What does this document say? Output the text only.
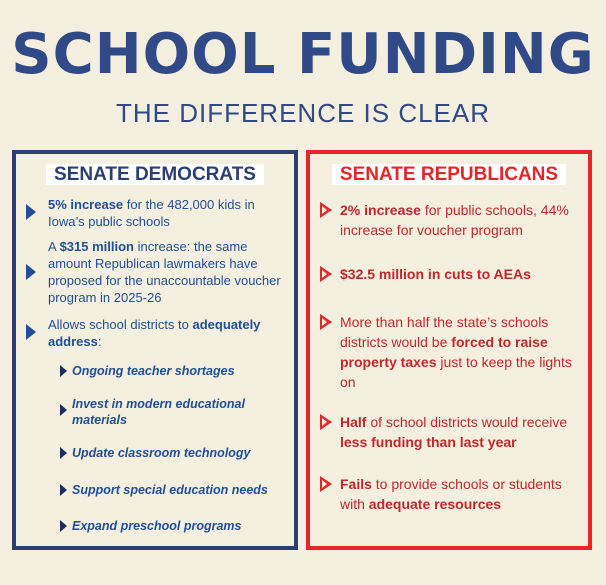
SCHOOL FUNDING
THE DIFFERENCE IS CLEAR
SENATE DEMOCRATS
5% increase for the 482,000 kids in Iowa’s public schools
A $315 million increase: the same amount Republican lawmakers have proposed for the unaccountable voucher program in 2025-26
Allows school districts to adequately address:
Ongoing teacher shortages
Invest in modern educational materials
Update classroom technology
Support special education needs
Expand preschool programs
SENATE REPUBLICANS
2% increase for public schools, 44% increase for voucher program
$32.5 million in cuts to AEAs
More than half the state’s schools districts would be forced to raise property taxes just to keep the lights on
Half of school districts would receive less funding than last year
Fails to provide schools or students with adequate resources
